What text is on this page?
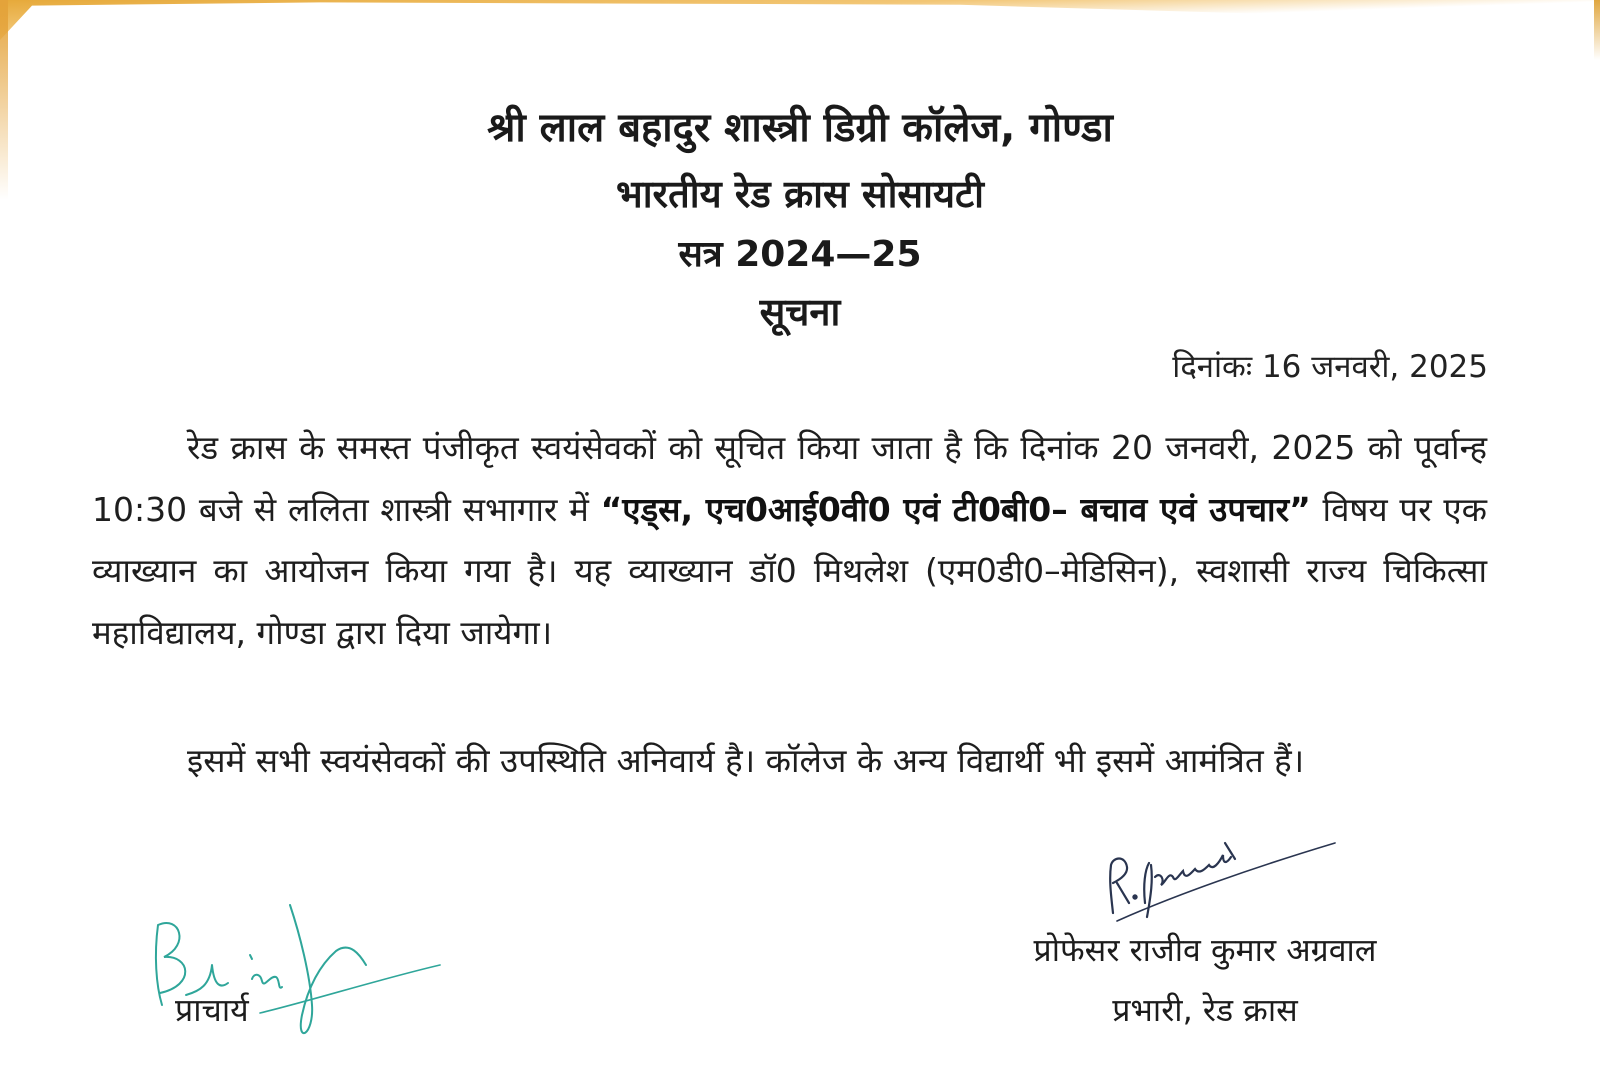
श्री लाल बहादुर शास्त्री डिग्री कॉलेज, गोण्डा
भारतीय रेड क्रास सोसायटी
सत्र 2024—25
सूचना
दिनांकः 16 जनवरी, 2025
रेड क्रास के समस्त पंजीकृत स्वयंसेवकों को सूचित किया जाता है कि दिनांक 20 जनवरी, 2025 को पूर्वान्ह 10:30 बजे से ललिता शास्त्री सभागार में “एड्स, एच0आई0वी0 एवं टी0बी0– बचाव एवं उपचार” विषय पर एक व्याख्यान का आयोजन किया गया है। यह व्याख्यान डॉ0 मिथलेश (एम0डी0–मेडिसिन), स्वशासी राज्य चिकित्सा महाविद्यालय, गोण्डा द्वारा दिया जायेगा।
इसमें सभी स्वयंसेवकों की उपस्थिति अनिवार्य है। कॉलेज के अन्य विद्यार्थी भी इसमें आमंत्रित हैं।
प्रोफेसर राजीव कुमार अग्रवाल
प्रभारी, रेड क्रास
प्राचार्य
